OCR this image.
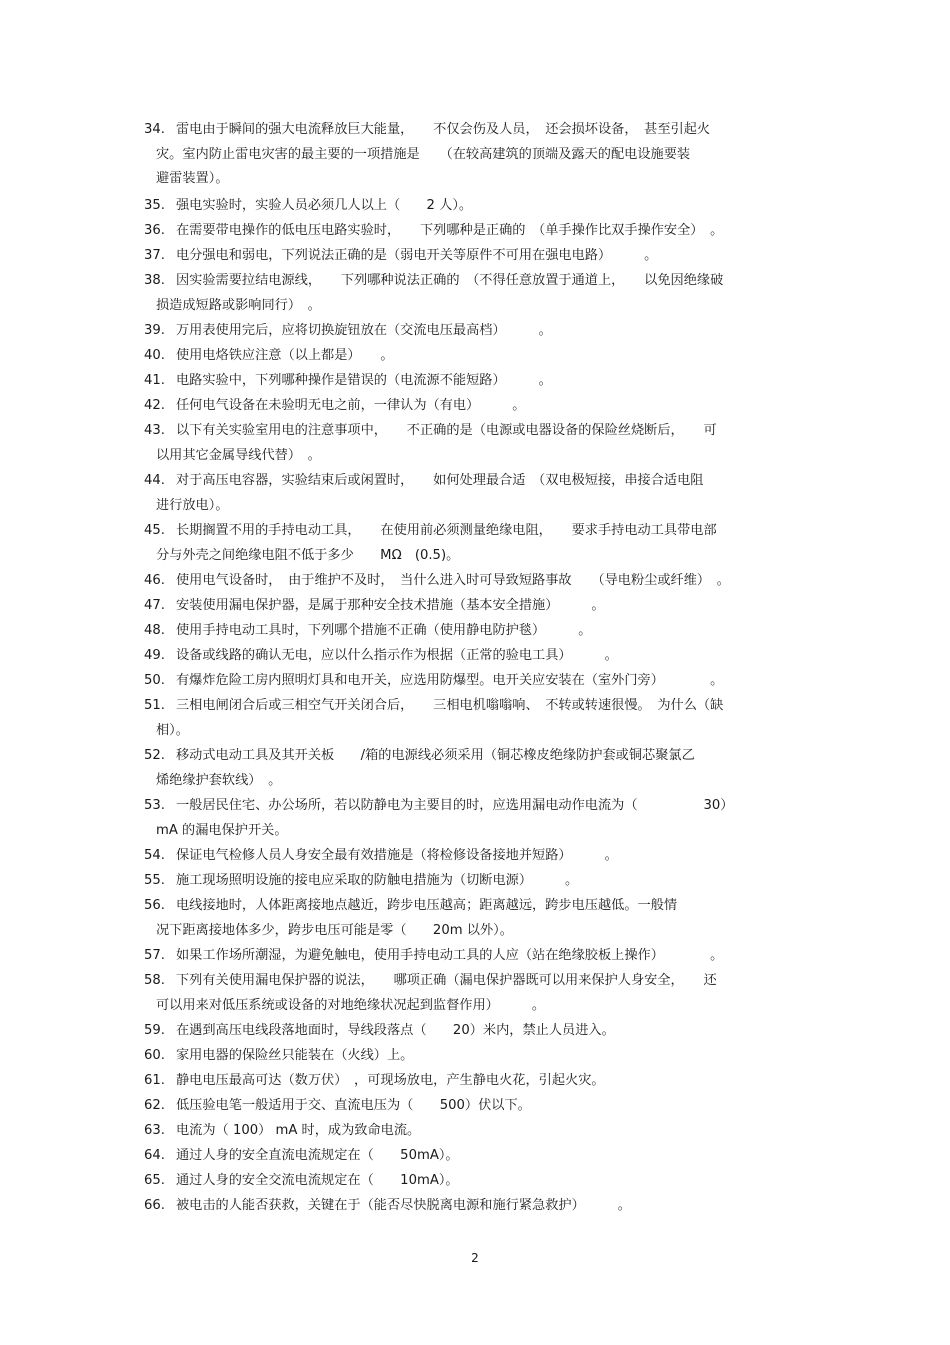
34. 雷电由于瞬间的强大电流释放巨大能量，　　不仅会伤及人员，　还会损坏设备，　甚至引起火
灾。室内防止雷电灾害的最主要的一项措施是　　（在较高建筑的顶端及露天的配电设施要装
避雷装置）。
35. 强电实验时，实验人员必须几人以上（　　2 人）。
36. 在需要带电操作的低电压电路实验时，　　下列哪种是正确的　（单手操作比双手操作安全）　。
37. 电分强电和弱电，下列说法正确的是（弱电开关等原件不可用在强电电路）　　　。
38. 因实验需要拉结电源线，　　下列哪种说法正确的　（不得任意放置于通道上，　　以免因绝缘破
损造成短路或影响同行）　。
39. 万用表使用完后，应将切换旋钮放在（交流电压最高档）　　　。
40. 使用电烙铁应注意（以上都是）　　。
41. 电路实验中，下列哪种操作是错误的（电流源不能短路）　　　。
42. 任何电气设备在未验明无电之前，一律认为（有电）　　　。
43. 以下有关实验室用电的注意事项中，　　不正确的是（电源或电器设备的保险丝烧断后，　　可
以用其它金属导线代替）　。
44. 对于高压电容器，实验结束后或闲置时，　　如何处理最合适　（双电极短接，串接合适电阻
进行放电）。
45. 长期搁置不用的手持电动工具，　　在使用前必须测量绝缘电阻，　　要求手持电动工具带电部
分与外壳之间绝缘电阻不低于多少　　MΩ　(0.5)。
46. 使用电气设备时，　由于维护不及时，　当什么进入时可导致短路事故　　（导电粉尘或纤维）　。
47. 安装使用漏电保护器，是属于那种安全技术措施（基本安全措施）　　　。
48. 使用手持电动工具时，下列哪个措施不正确（使用静电防护毯）　　　。
49. 设备或线路的确认无电，应以什么指示作为根据（正常的验电工具）　　　。
50. 有爆炸危险工房内照明灯具和电开关，应选用防爆型。电开关应安装在（室外门旁）　　　　。
51. 三相电闸闭合后或三相空气开关闭合后，　　三相电机嗡嗡响、　不转或转速很慢。　为什么（缺
相）。
52. 移动式电动工具及其开关板　　/箱的电源线必须采用（铜芯橡皮绝缘防护套或铜芯聚氯乙
烯绝缘护套软线）　。
53. 一般居民住宅、办公场所，若以防静电为主要目的时，应选用漏电动作电流为（　　　　　30）
mA 的漏电保护开关。
54. 保证电气检修人员人身安全最有效措施是（将检修设备接地并短路）　　　。
55. 施工现场照明设施的接电应采取的防触电措施为（切断电源）　　　。
56. 电线接地时，人体距离接地点越近，跨步电压越高；距离越远，跨步电压越低。一般情
况下距离接地体多少，跨步电压可能是零（　　20m 以外）。
57. 如果工作场所潮湿，为避免触电，使用手持电动工具的人应（站在绝缘胶板上操作）　　　　。
58. 下列有关使用漏电保护器的说法，　　哪项正确（漏电保护器既可以用来保护人身安全，　　还
可以用来对低压系统或设备的对地绝缘状况起到监督作用）　　　。
59. 在遇到高压电线段落地面时，导线段落点（　　20）米内，禁止人员进入。
60. 家用电器的保险丝只能装在（火线）上。
61. 静电电压最高可达（数万伏）　，可现场放电，产生静电火花，引起火灾。
62. 低压验电笔一般适用于交、直流电压为（　　500）伏以下。
63. 电流为（ 100） mA 时，成为致命电流。
64. 通过人身的安全直流电流规定在（　　50mA）。
65. 通过人身的安全交流电流规定在（　　10mA）。
66. 被电击的人能否获救，关键在于（能否尽快脱离电源和施行紧急救护）　　　。
2
